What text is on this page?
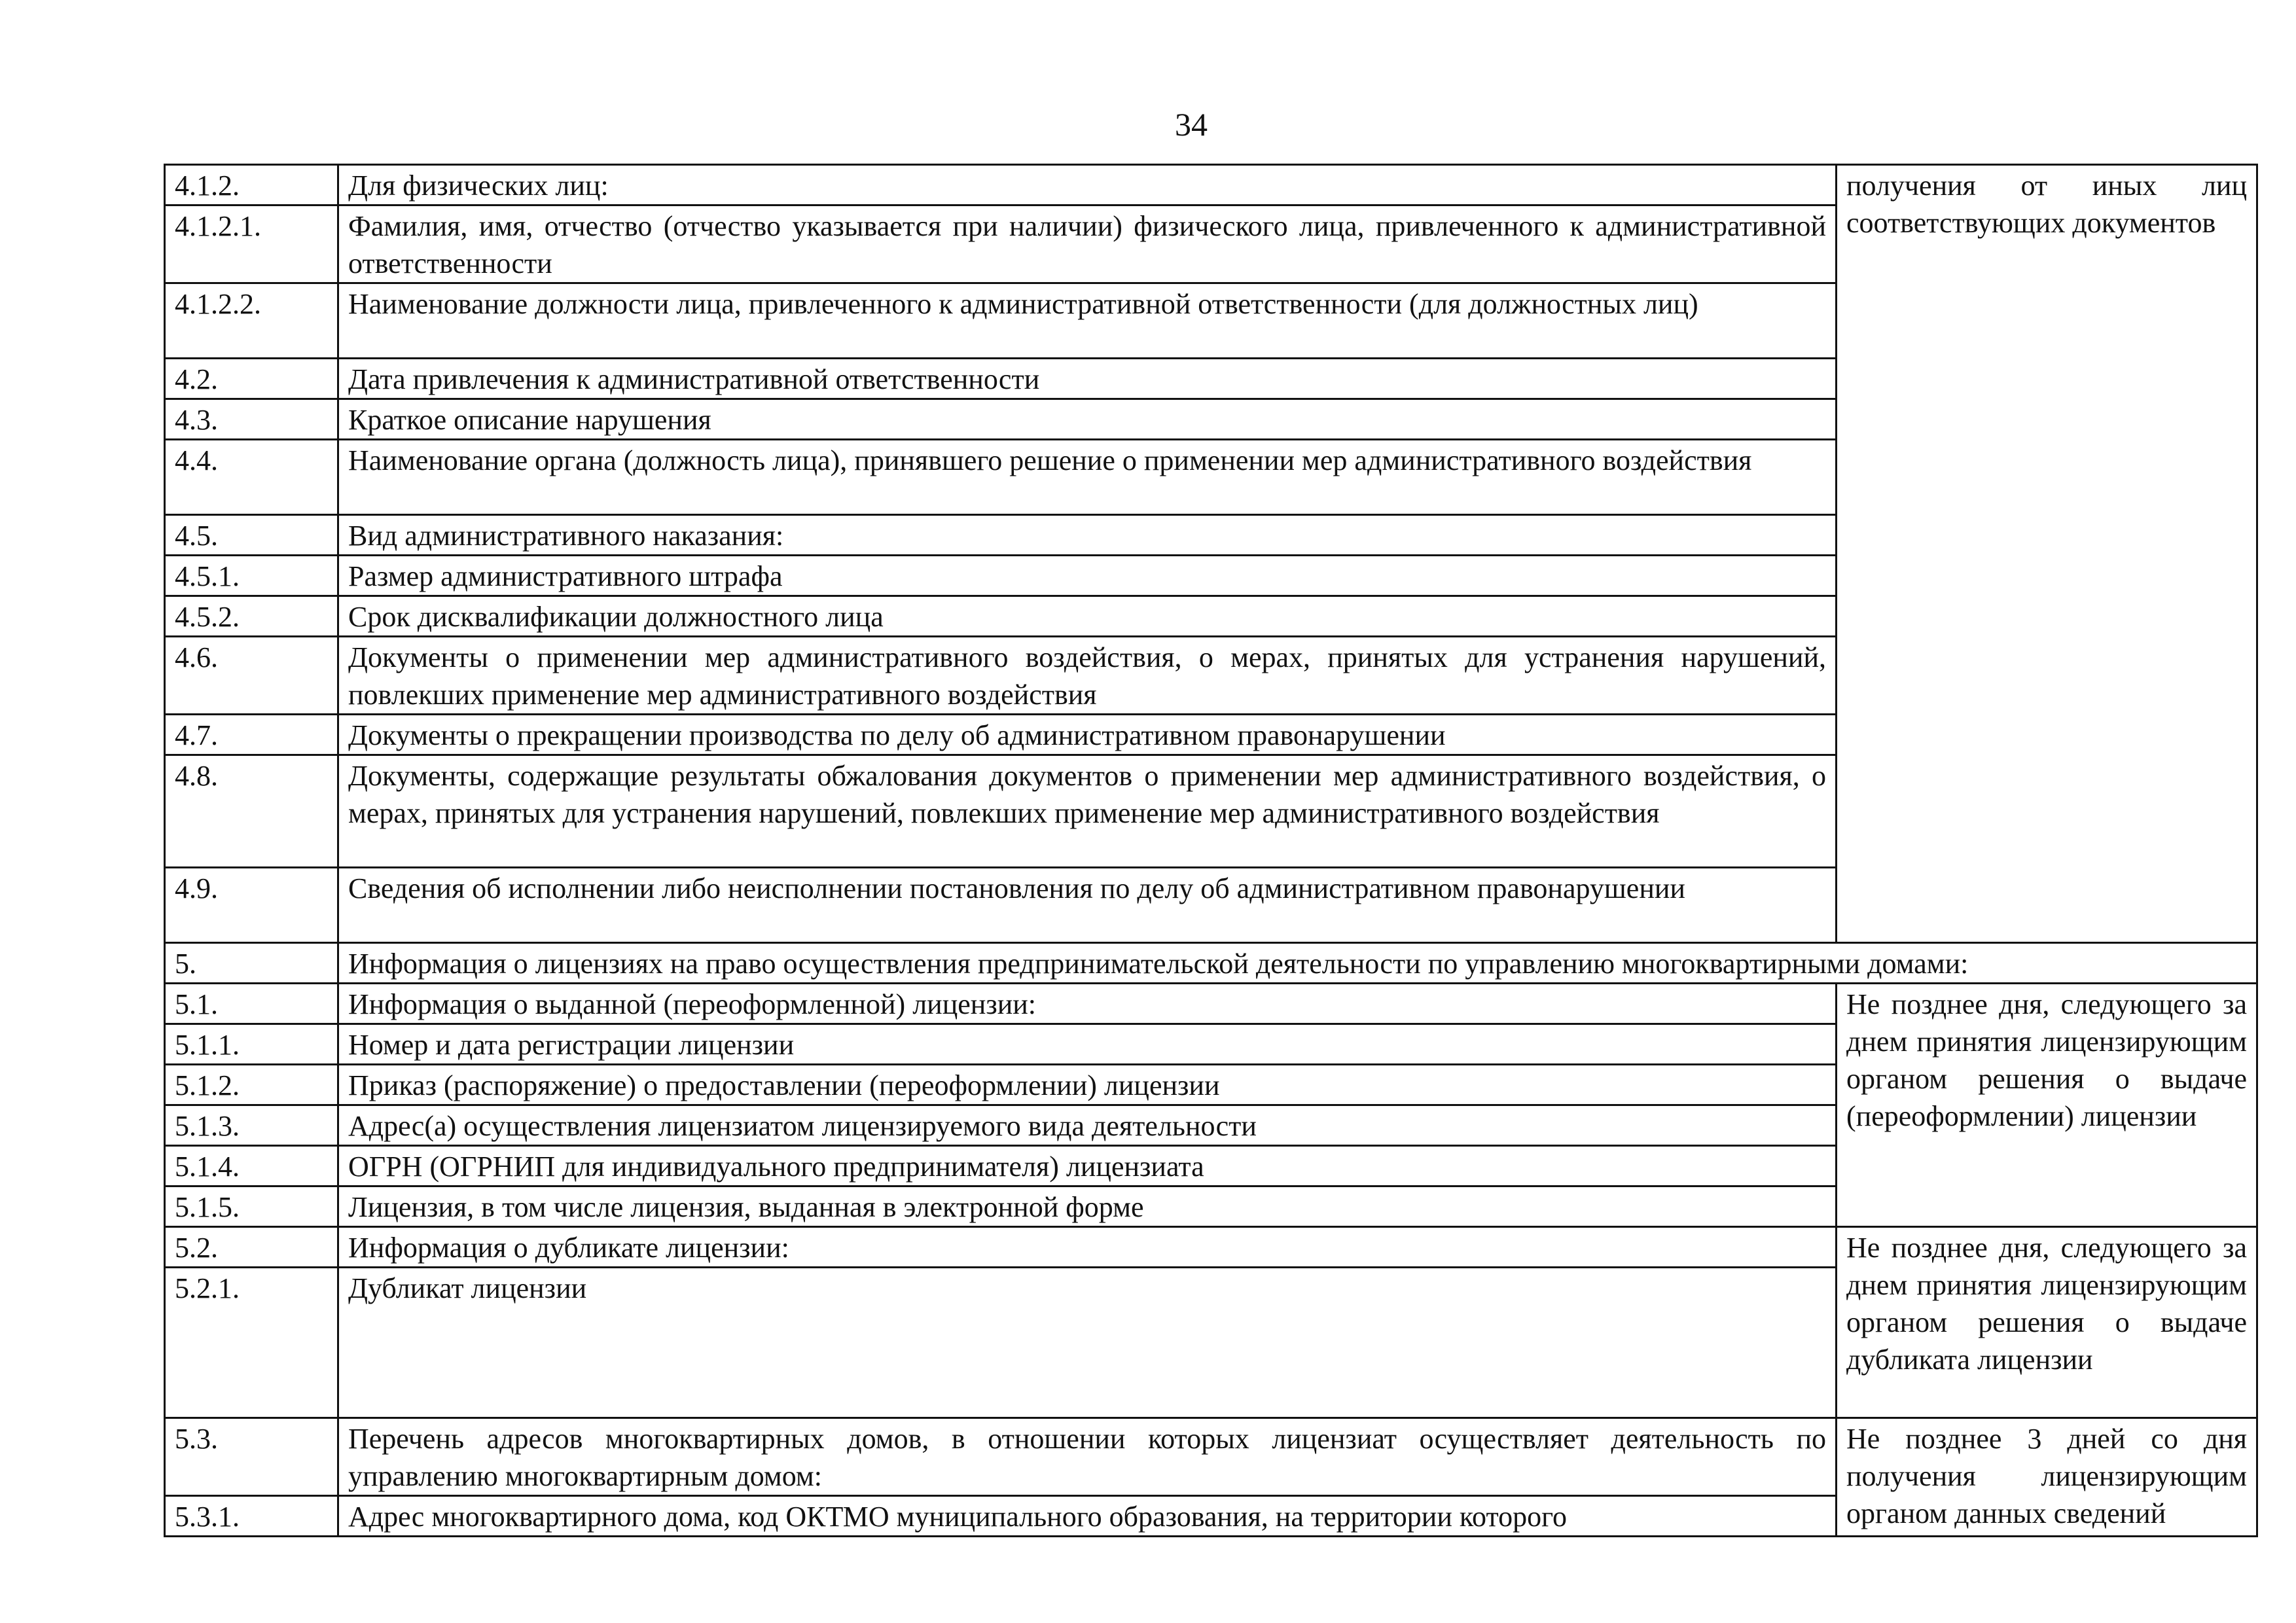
34
4.1.2.	Для физических лиц:	получения от иных лиц соответствующих документов
4.1.2.1.	Фамилия, имя, отчество (отчество указывается при наличии) физического лица, привлеченного к административной ответственности	
4.1.2.2.	Наименование должности лица, привлеченного к административной ответственности (для должностных лиц)	
4.2.	Дата привлечения к административной ответственности	
4.3.	Краткое описание нарушения	
4.4.	Наименование органа (должность лица), принявшего решение о применении мер административного воздействия	
4.5.	Вид административного наказания:	
4.5.1.	Размер административного штрафа	
4.5.2.	Срок дисквалификации должностного лица	
4.6.	Документы о применении мер административного воздействия, о мерах, принятых для устранения нарушений, повлекших применение мер административного воздействия	
4.7.	Документы о прекращении производства по делу об административном правонарушении	
4.8.	Документы, содержащие результаты обжалования документов о применении мер административного воздействия, о мерах, принятых для устранения нарушений, повлекших применение мер административного воздействия	
4.9.	Сведения об исполнении либо неисполнении постановления по делу об административном правонарушении	
5.	Информация о лицензиях на право осуществления предпринимательской деятельности по управлению многоквартирными домами:	
5.1.	Информация о выданной (переоформленной) лицензии:	Не позднее дня, следующего за днем принятия лицензирующим органом решения о выдаче (переоформлении) лицензии
5.1.1.	Номер и дата регистрации лицензии	
5.1.2.	Приказ (распоряжение) о предоставлении (переоформлении) лицензии	
5.1.3.	Адрес(а) осуществления лицензиатом лицензируемого вида деятельности	
5.1.4.	ОГРН (ОГРНИП для индивидуального предпринимателя) лицензиата	
5.1.5.	Лицензия, в том числе лицензия, выданная в электронной форме	
5.2.	Информация о дубликате лицензии:	Не позднее дня, следующего за днем принятия лицензирующим органом решения о выдаче дубликата лицензии
5.2.1.	Дубликат лицензии	
5.3.	Перечень адресов многоквартирных домов, в отношении которых лицензиат осуществляет деятельность по управлению многоквартирным домом:	Не позднее 3 дней со дня получения лицензирующим органом данных сведений
5.3.1.	Адрес многоквартирного дома, код ОКТМО муниципального образования, на территории которого	
